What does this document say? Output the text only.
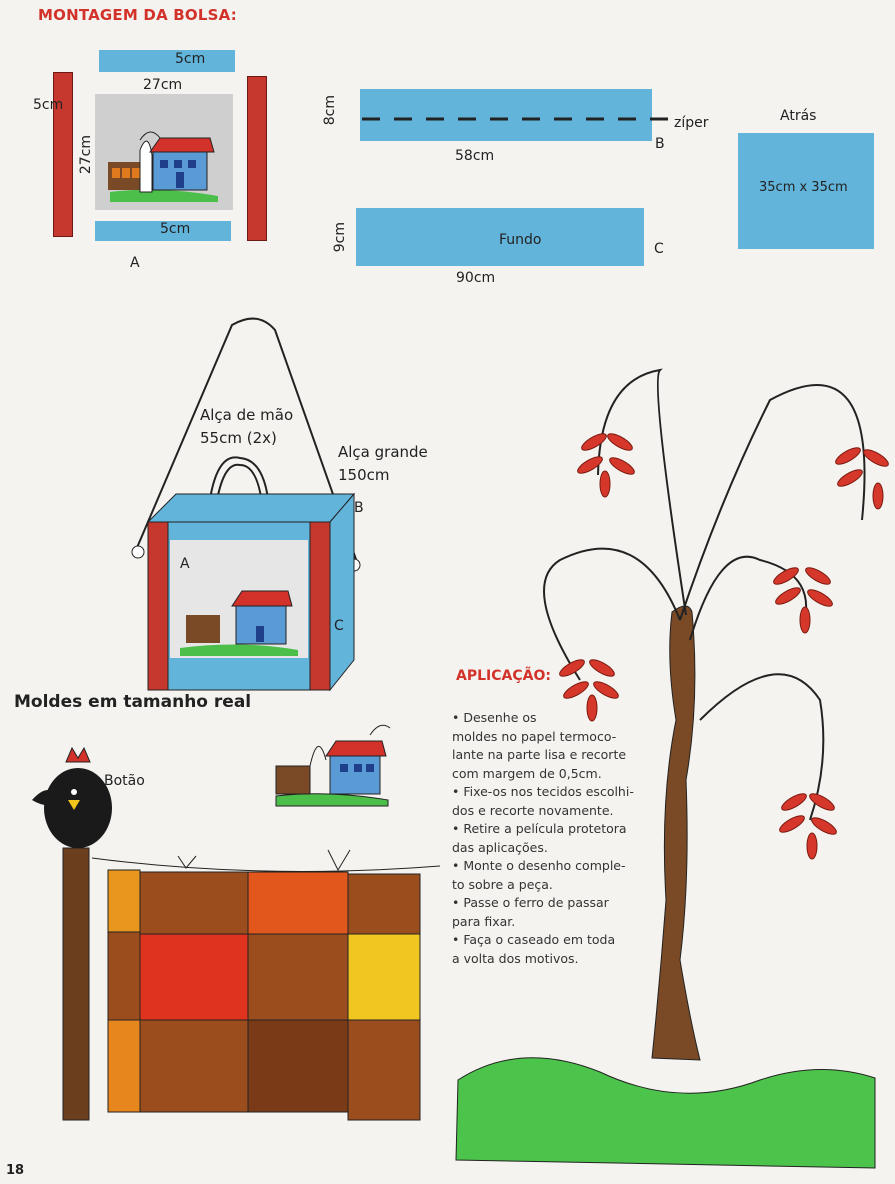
MONTAGEM DA BOLSA:
5cm
27cm
5cm
27cm
5cm
A
8cm	zíper
58cm
B
9cm	Fundo
C
90cm
Atrás
35cm x 35cm
Alça de mão
55cm (2x)
Alça grande
150cm
B
A
C
Moldes em tamanho real
Botão
APLICAÇÃO:
• Desenhe os
moldes no papel termoco-
lante na parte lisa e recorte
com margem de 0,5cm.
• Fixe-os nos tecidos escolhi-
dos e recorte novamente.
• Retire a película protetora
das aplicações.
• Monte o desenho comple-
to sobre a peça.
• Passe o ferro de passar
para fixar.
• Faça o caseado em toda
a volta dos motivos.
18
